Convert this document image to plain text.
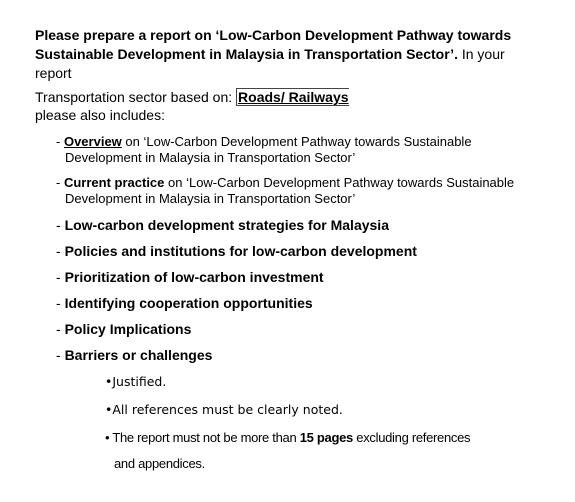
Please prepare a report on ‘Low-Carbon Development Pathway towards
Sustainable Development in Malaysia in Transportation Sector’. In your
report
Transportation sector based on: Roads/ Railways
please also includes:
- Overview on ‘Low-Carbon Development Pathway towards Sustainable
Development in Malaysia in Transportation Sector’
- Current practice on ‘Low-Carbon Development Pathway towards Sustainable
Development in Malaysia in Transportation Sector’
- Low-carbon development strategies for Malaysia
- Policies and institutions for low-carbon development
- Prioritization of low-carbon investment
- Identifying cooperation opportunities
- Policy Implications
- Barriers or challenges
•Justified.
•All references must be clearly noted.
• The report must not be more than 15 pages excluding references
and appendices.
